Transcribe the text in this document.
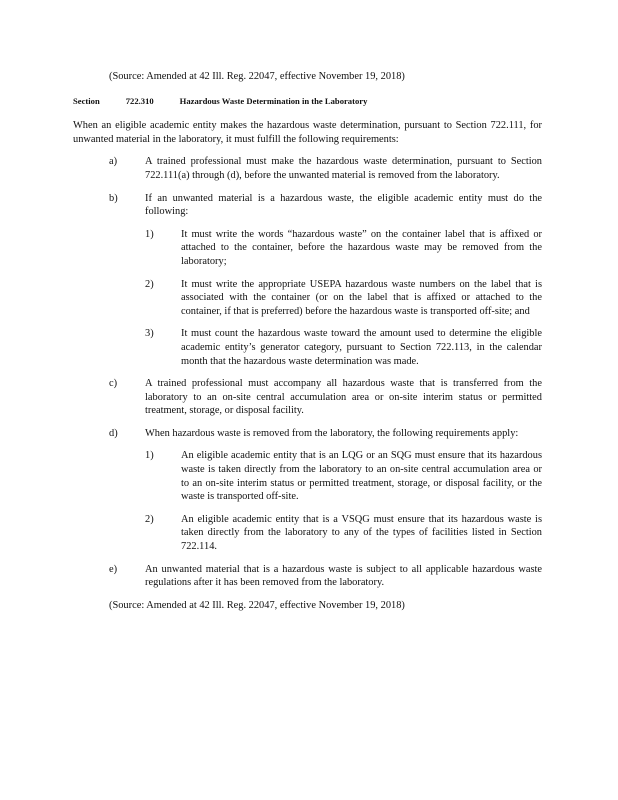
(Source: Amended at 42 Ill. Reg. 22047, effective November 19, 2018)

Section	722.310	Hazardous Waste Determination in the Laboratory

When an eligible academic entity makes the hazardous waste determination, pursuant to Section 722.111, for unwanted material in the laboratory, it must fulfill the following requirements:

a)	A trained professional must make the hazardous waste determination, pursuant to Section 722.111(a) through (d), before the unwanted material is removed from the laboratory.

b)	If an unwanted material is a hazardous waste, the eligible academic entity must do the following:

1)	It must write the words “hazardous waste” on the container label that is affixed or attached to the container, before the hazardous waste may be removed from the laboratory;

2)	It must write the appropriate USEPA hazardous waste numbers on the label that is associated with the container (or on the label that is affixed or attached to the container, if that is preferred) before the hazardous waste is transported off-site; and

3)	It must count the hazardous waste toward the amount used to determine the eligible academic entity’s generator category, pursuant to Section 722.113, in the calendar month that the hazardous waste determination was made.

c)	A trained professional must accompany all hazardous waste that is transferred from the laboratory to an on-site central accumulation area or on-site interim status or permitted treatment, storage, or disposal facility.

d)	When hazardous waste is removed from the laboratory, the following requirements apply:

1)	An eligible academic entity that is an LQG or an SQG must ensure that its hazardous waste is taken directly from the laboratory to an on-site central accumulation area or to an on-site interim status or permitted treatment, storage, or disposal facility, or the waste is transported off-site.

2)	An eligible academic entity that is a VSQG must ensure that its hazardous waste is taken directly from the laboratory to any of the types of facilities listed in Section 722.114.

e)	An unwanted material that is a hazardous waste is subject to all applicable hazardous waste regulations after it has been removed from the laboratory.

(Source: Amended at 42 Ill. Reg. 22047, effective November 19, 2018)
